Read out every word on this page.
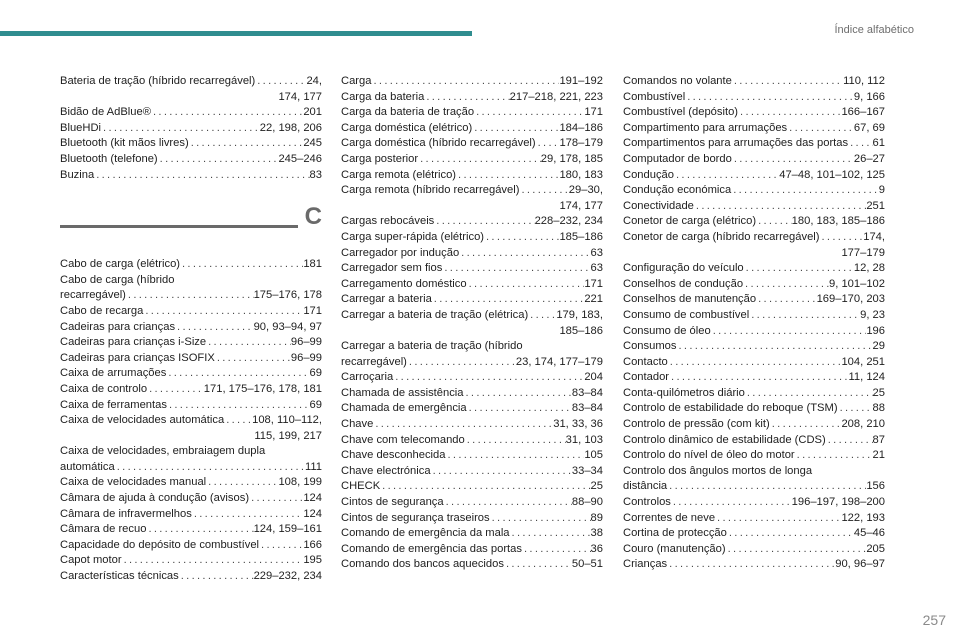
Índice alfabético
Bateria de tração (híbrido recarregável) . . .	24,
174, 177
Bidão de AdBlue® . . .	201
BlueHDi . . .	22, 198, 206
Bluetooth (kit mãos livres) . . .	245
Bluetooth (telefone) . . .	245–246
Buzina . . .	83
C
Cabo de carga (elétrico) . . .	181
Cabo de carga (híbrido
recarregável) . . .	175–176, 178
Cabo de recarga . . .	171
Cadeiras para crianças . . .	90, 93–94, 97
Cadeiras para crianças i-Size . . .	96–99
Cadeiras para crianças ISOFIX . . .	96–99
Caixa de arrumações . . .	69
Caixa de controlo . . .	171, 175–176, 178, 181
Caixa de ferramentas . . .	69
Caixa de velocidades automática . . . 108, 110–112,
115, 199, 217
Caixa de velocidades, embraiagem dupla
automática . . .	111
Caixa de velocidades manual . . .	108, 199
Câmara de ajuda à condução (avisos) . . .	124
Câmara de infravermelhos . . .	124
Câmara de recuo . . .	124, 159–161
Capacidade do depósito de combustível . . .	166
Capot motor . . .	195
Características técnicas . . .	229–232, 234
Carga . . .	191–192
Carga da bateria . . .	217–218, 221, 223
Carga da bateria de tração . . .	171
Carga doméstica (elétrico) . . .	184–186
Carga doméstica (híbrido recarregável) . . . 178–179
Carga posterior . . .	29, 178, 185
Carga remota (elétrico) . . .	180, 183
Carga remota (híbrido recarregável) . . .	29–30,
174, 177
Cargas rebocáveis . . .	228–232, 234
Carga super-rápida (elétrico) . . .	185–186
Carregador por indução . . .	63
Carregador sem fios . . .	63
Carregamento doméstico . . .	171
Carregar a bateria . . .	221
Carregar a bateria de tração (elétrica) . . .	179, 183,
185–186
Carregar a bateria de tração (híbrido
recarregável) . . .	23, 174, 177–179
Carroçaria . . .	204
Chamada de assistência . . .	83–84
Chamada de emergência . . .	83–84
Chave . . .	31, 33, 36
Chave com telecomando . . .	31, 103
Chave desconhecida . . .	105
Chave electrónica . . .	33–34
CHECK . . .	25
Cintos de segurança . . .	88–90
Cintos de segurança traseiros . . .	89
Comando de emergência da mala . . .	38
Comando de emergência das portas . . .	36
Comando dos bancos aquecidos . . .	50–51
Comandos no volante . . .	110, 112
Combustível . . .	9, 166
Combustível (depósito) . . .	166–167
Compartimento para arrumações . . .	67, 69
Compartimentos para arrumações das portas . . . 61
Computador de bordo . . .	26–27
Condução . . .	47–48, 101–102, 125
Condução económica . . .	9
Conectividade . . .	251
Conetor de carga (elétrico) . . .	180, 183, 185–186
Conetor de carga (híbrido recarregável) . . .	174,
177–179
Configuração do veículo . . .	12, 28
Conselhos de condução . . .	9, 101–102
Conselhos de manutenção . . .	169–170, 203
Consumo de combustível . . .	9, 23
Consumo de óleo . . .	196
Consumos . . .	29
Contacto . . .	104, 251
Contador . . .	11, 124
Conta-quilómetros diário . . .	25
Controlo de estabilidade do reboque (TSM) . . .	88
Controlo de pressão (com kit) . . .	208, 210
Controlo dinâmico de estabilidade (CDS) . . .	87
Controlo do nível de óleo do motor . . .	21
Controlo dos ângulos mortos de longa
distância . . .	156
Controlos . . .	196–197, 198–200
Correntes de neve . . .	122, 193
Cortina de protecção . . .	45–46
Couro (manutenção) . . .	205
Crianças . . .	90, 96–97
257
